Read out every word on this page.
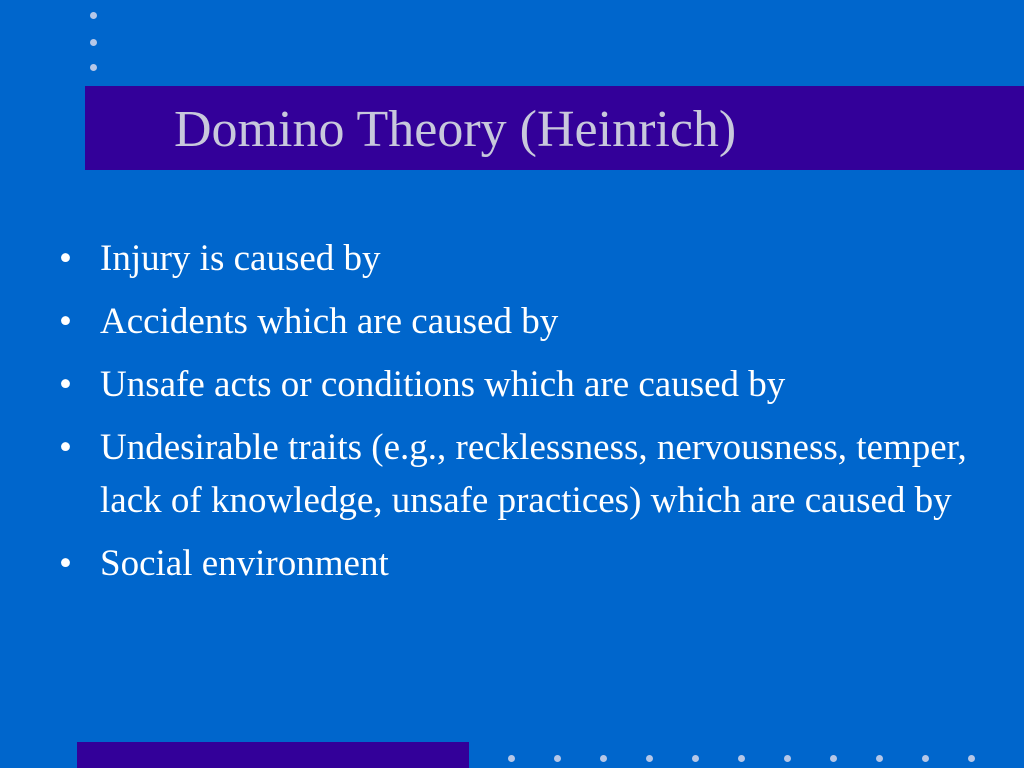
Domino Theory (Heinrich)
• Injury is caused by
• Accidents which are caused by
• Unsafe acts or conditions which are caused by
• Undesirable traits (e.g., recklessness, nervousness, temper, lack of knowledge, unsafe practices) which are caused by
• Social environment
